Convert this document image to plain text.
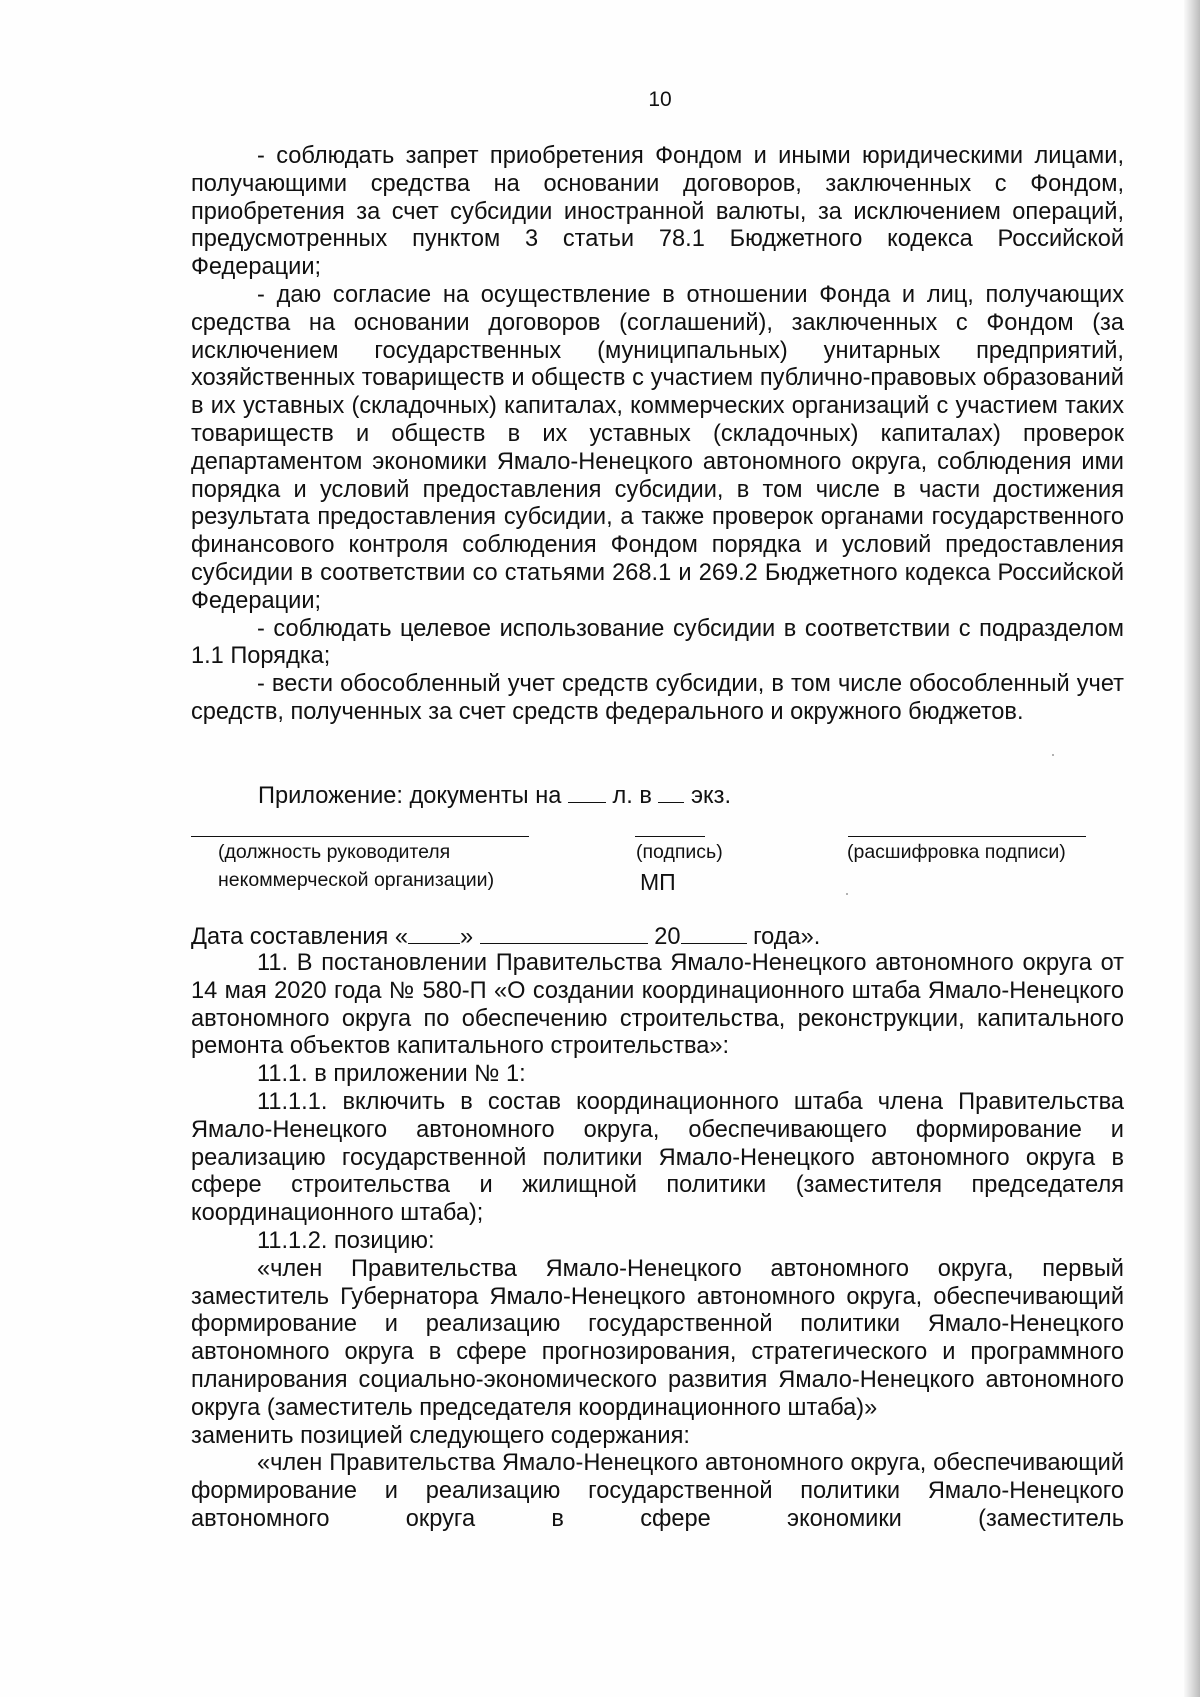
10

- соблюдать запрет приобретения Фондом и иными юридическими лицами, получающими средства на основании договоров, заключенных с Фондом, приобретения за счет субсидии иностранной валюты, за исключением операций, предусмотренных пунктом 3 статьи 78.1 Бюджетного кодекса Российской Федерации;

- даю согласие на осуществление в отношении Фонда и лиц, получающих средства на основании договоров (соглашений), заключенных с Фондом (за исключением государственных (муниципальных) унитарных предприятий, хозяйственных товариществ и обществ с участием публично-правовых образований в их уставных (складочных) капиталах, коммерческих организаций с участием таких товариществ и обществ в их уставных (складочных) капиталах) проверок департаментом экономики Ямало-Ненецкого автономного округа, соблюдения ими порядка и условий предоставления субсидии, в том числе в части достижения результата предоставления субсидии, а также проверок органами государственного финансового контроля соблюдения Фондом порядка и условий предоставления субсидии в соответствии со статьями 268.1 и 269.2 Бюджетного кодекса Российской Федерации;

- соблюдать целевое использование субсидии в соответствии с подразделом 1.1 Порядка;

- вести обособленный учет средств субсидии, в том числе обособленный учет средств, полученных за счет средств федерального и окружного бюджетов.

Приложение: документы на л. в экз.
(должность руководителя
некоммерческой организации)
(подпись)	(расшифровка подписи)
МП
Дата составления « »	20	года».

11. В постановлении Правительства Ямало-Ненецкого автономного округа от 14 мая 2020 года № 580-П «О создании координационного штаба Ямало-Ненецкого автономного округа по обеспечению строительства, реконструкции, капитального ремонта объектов капитального строительства»:

11.1. в приложении № 1:

11.1.1. включить в состав координационного штаба члена Правительства Ямало-Ненецкого автономного округа, обеспечивающего формирование и реализацию государственной политики Ямало-Ненецкого автономного округа в сфере строительства и жилищной политики (заместителя председателя координационного штаба);

11.1.2. позицию:

«член Правительства Ямало-Ненецкого автономного округа, первый заместитель Губернатора Ямало-Ненецкого автономного округа, обеспечивающий формирование и реализацию государственной политики Ямало-Ненецкого автономного округа в сфере прогнозирования, стратегического и программного планирования социально-экономического развития Ямало-Ненецкого автономного округа (заместитель председателя координационного штаба)»

заменить позицией следующего содержания:

«член Правительства Ямало-Ненецкого автономного округа, обеспечивающий формирование и реализацию государственной политики Ямало-Ненецкого автономного округа в сфере экономики (заместитель
